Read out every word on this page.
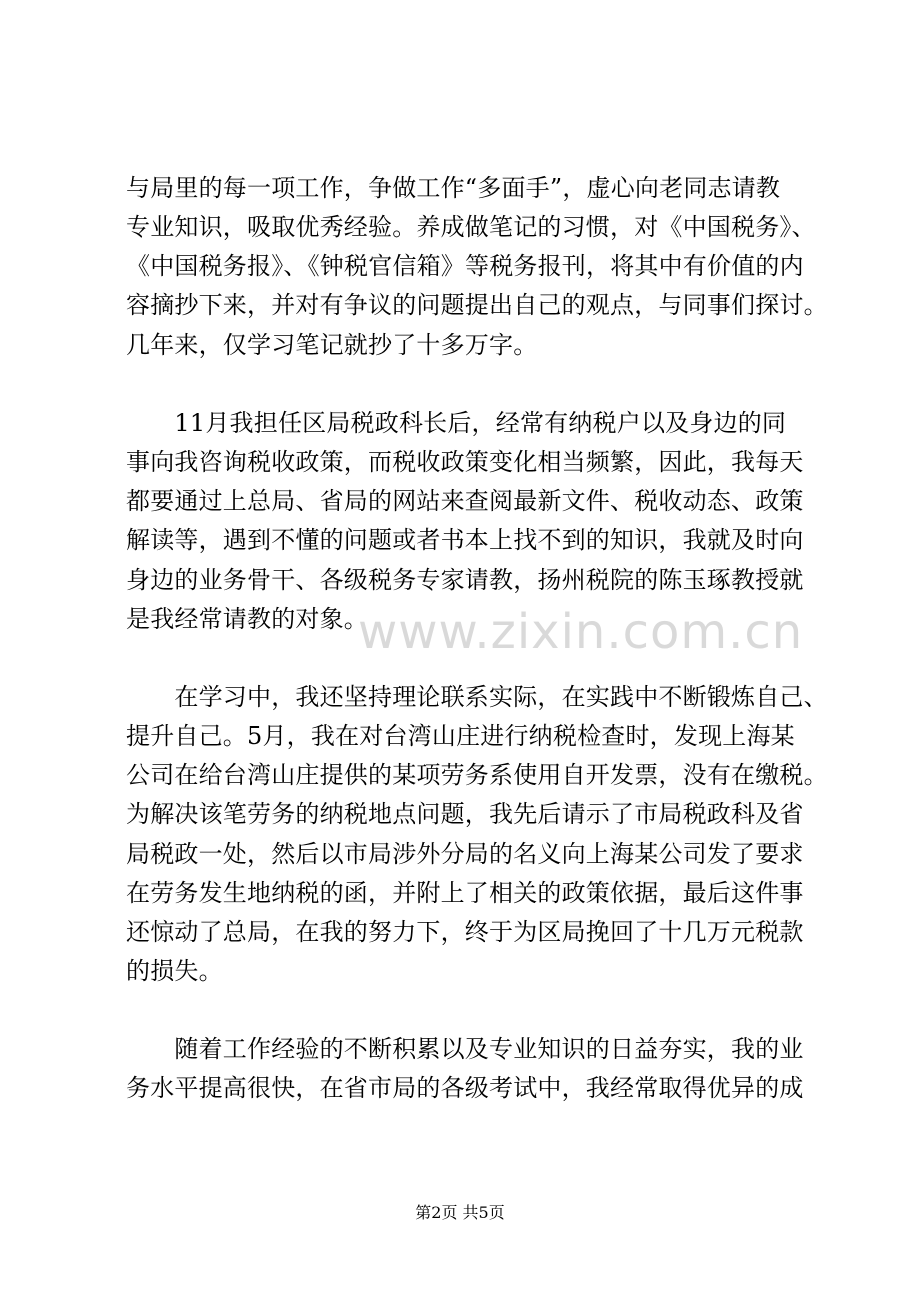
与局里的每一项工作，争做工作“多面手”，虚心向老同志请教
专业知识，吸取优秀经验。养成做笔记的习惯，对《中国税务》、
《中国税务报》、《钟税官信箱》等税务报刊，将其中有价值的内
容摘抄下来，并对有争议的问题提出自己的观点，与同事们探讨。
几年来，仅学习笔记就抄了十多万字。
　　11月我担任区局税政科长后，经常有纳税户以及身边的同
事向我咨询税收政策，而税收政策变化相当频繁，因此，我每天
都要通过上总局、省局的网站来查阅最新文件、税收动态、政策
解读等，遇到不懂的问题或者书本上找不到的知识，我就及时向
身边的业务骨干、各级税务专家请教，扬州税院的陈玉琢教授就
是我经常请教的对象。
　　在学习中，我还坚持理论联系实际，在实践中不断锻炼自己、
提升自己。5月，我在对台湾山庄进行纳税检查时，发现上海某
公司在给台湾山庄提供的某项劳务系使用自开发票，没有在缴税。
为解决该笔劳务的纳税地点问题，我先后请示了市局税政科及省
局税政一处，然后以市局涉外分局的名义向上海某公司发了要求
在劳务发生地纳税的函，并附上了相关的政策依据，最后这件事
还惊动了总局，在我的努力下，终于为区局挽回了十几万元税款
的损失。
　　随着工作经验的不断积累以及专业知识的日益夯实，我的业
务水平提高很快，在省市局的各级考试中，我经常取得优异的成
www.zixin.com.cn
第2页 共5页
